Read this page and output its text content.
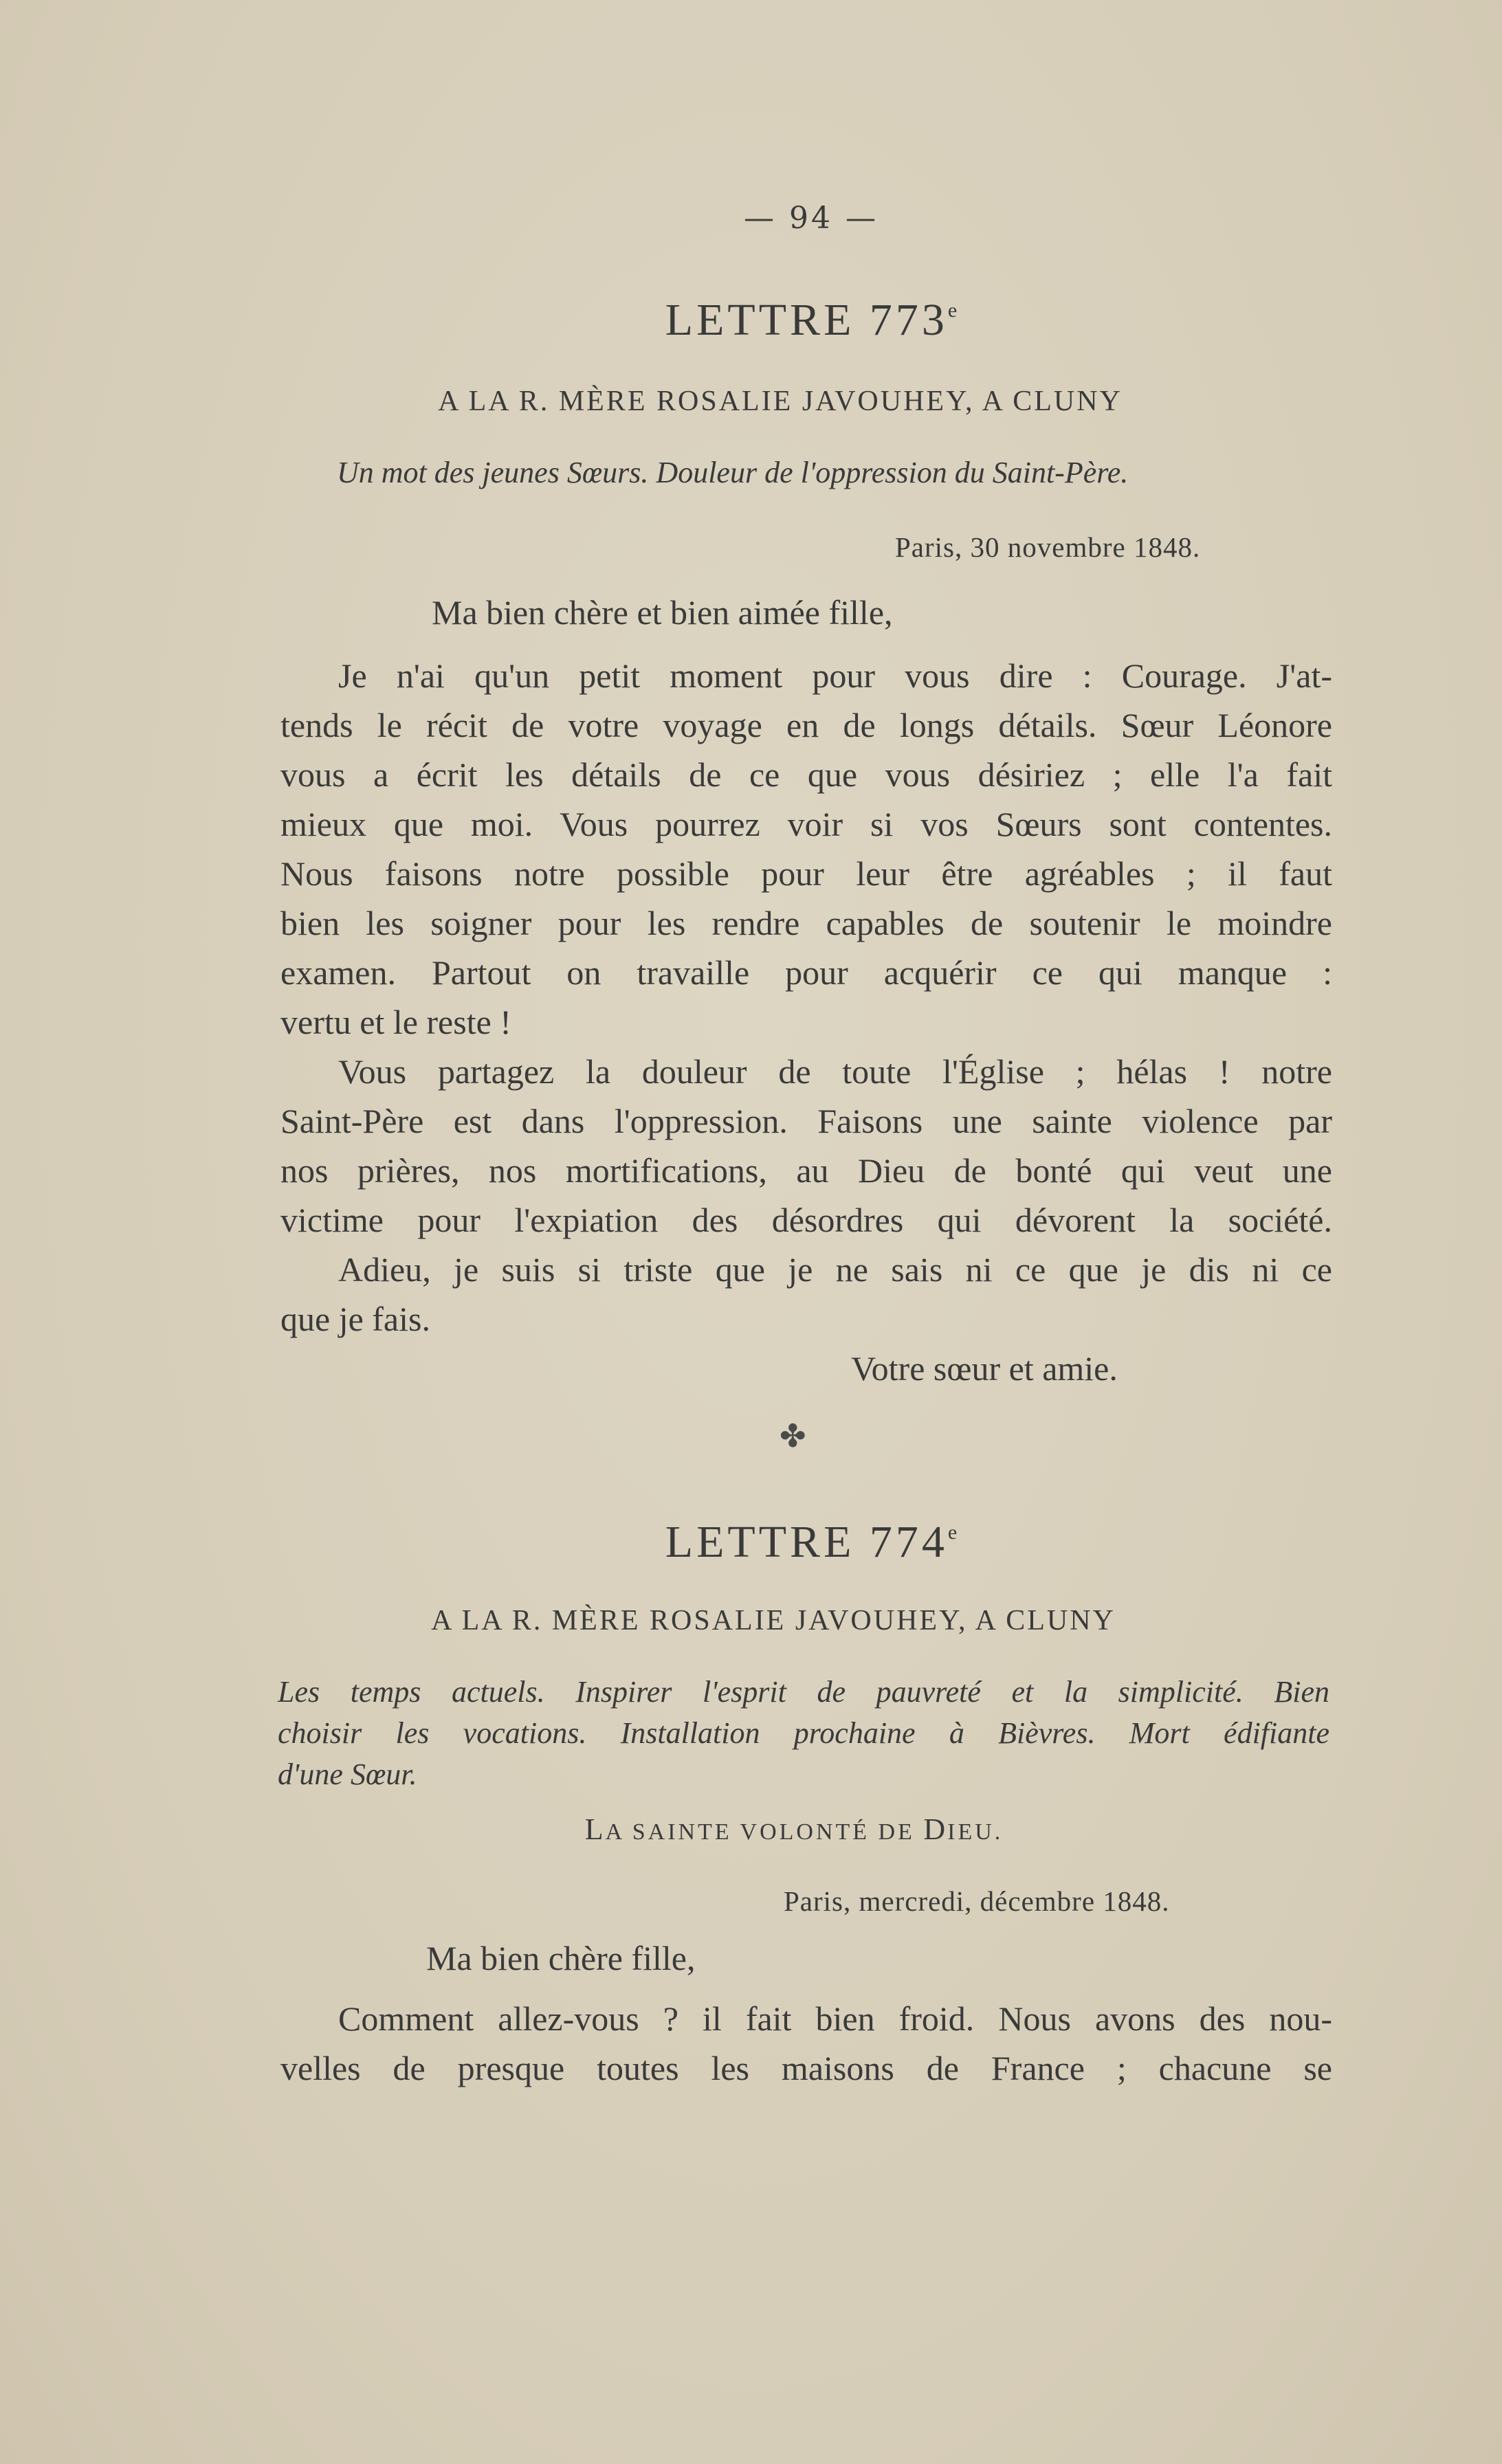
— 94 —
LETTRE 773e
A LA R. MÈRE ROSALIE JAVOUHEY, A CLUNY
Un mot des jeunes Sœurs. Douleur de l'oppression du Saint-Père.
Paris, 30 novembre 1848.
Ma bien chère et bien aimée fille,
Je n'ai qu'un petit moment pour vous dire : Courage. J'at-
tends le récit de votre voyage en de longs détails. Sœur Léonore
vous a écrit les détails de ce que vous désiriez ; elle l'a fait
mieux que moi. Vous pourrez voir si vos Sœurs sont contentes.
Nous faisons notre possible pour leur être agréables ; il faut
bien les soigner pour les rendre capables de soutenir le moindre
examen. Partout on travaille pour acquérir ce qui manque :
vertu et le reste !
Vous partagez la douleur de toute l'Église ; hélas ! notre
Saint-Père est dans l'oppression. Faisons une sainte violence par
nos prières, nos mortifications, au Dieu de bonté qui veut une
victime pour l'expiation des désordres qui dévorent la société.
Adieu, je suis si triste que je ne sais ni ce que je dis ni ce
que je fais.
Votre sœur et amie.
✤
LETTRE 774e
A LA R. MÈRE ROSALIE JAVOUHEY, A CLUNY
Les temps actuels. Inspirer l'esprit de pauvreté et la simplicité. Bien
choisir les vocations. Installation prochaine à Bièvres. Mort édifiante
d'une Sœur.
LA SAINTE VOLONTÉ DE DIEU.
Paris, mercredi, décembre 1848.
Ma bien chère fille,
Comment allez-vous ? il fait bien froid. Nous avons des nou-
velles de presque toutes les maisons de France ; chacune se
